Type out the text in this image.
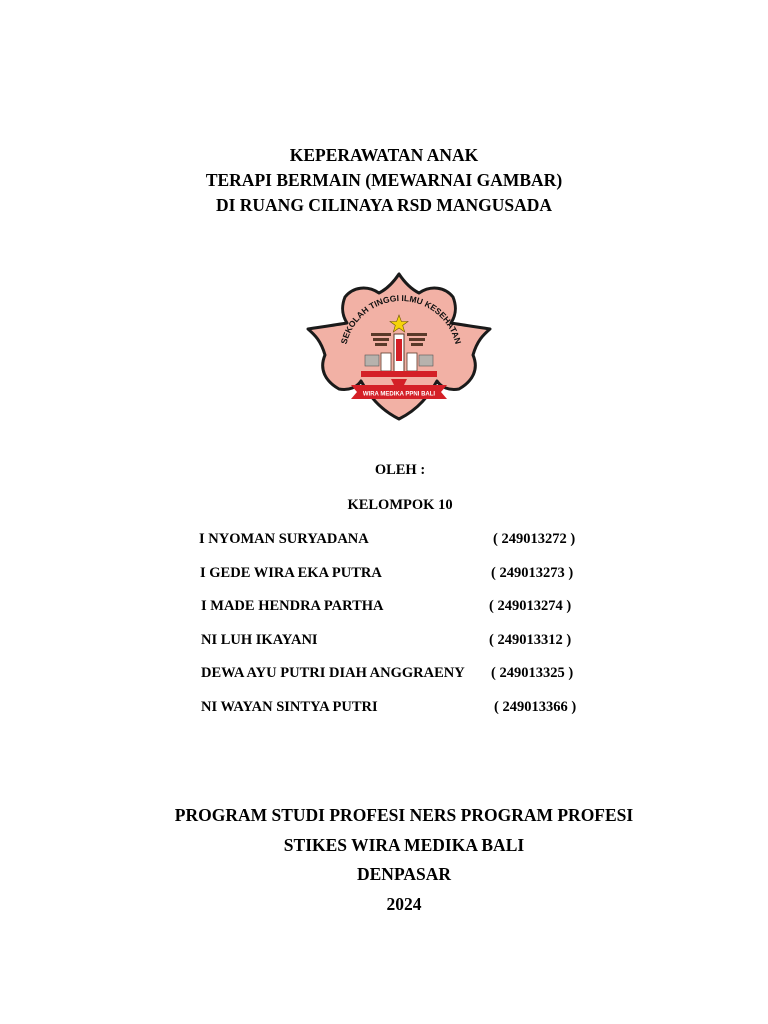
KEPERAWATAN ANAK

TERAPI BERMAIN (MEWARNAI GAMBAR)

DI RUANG CILINAYA RSD MANGUSADA

SEKOLAH TINGGI ILMU KESEHATAN
WIRA MEDIKA PPNI BALI
OLEH :
KELOMPOK 10
I NYOMAN SURYADANA	( 249013272 )
I GEDE WIRA EKA PUTRA	( 249013273 )
I MADE HENDRA PARTHA	( 249013274 )
NI LUH IKAYANI	( 249013312 )
DEWA AYU PUTRI DIAH ANGGRAENY ( 249013325 )
NI WAYAN SINTYA PUTRI	( 249013366 )
PROGRAM STUDI PROFESI NERS PROGRAM PROFESI
STIKES WIRA MEDIKA BALI
DENPASAR
2024
